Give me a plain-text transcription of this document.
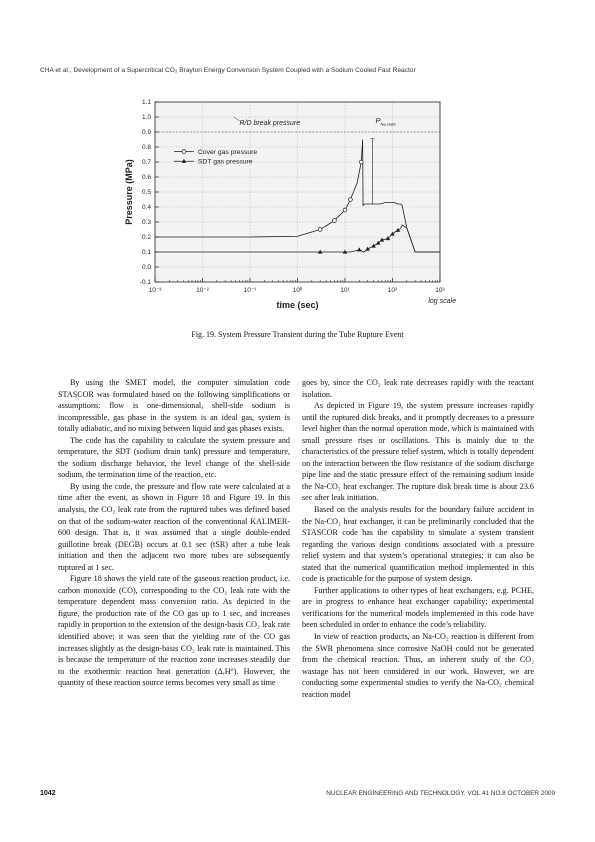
CHA et al., Development of a Supercritical CO₂ Brayton Energy Conversion System Coupled with a Sodium Cooled Fast Reactor
10⁻³	10⁻²	10⁻¹	10⁰	10¹	10²	10³
-0.1
0.0
0.1
0.2
0.3
0.4
0.5
0.6
0.7
0.8
0.9
1.0
1.1
time (sec)
Pressure (MPa)
log scale
R/D break pressure	P Na,static
Cover gas pressure
SDT gas pressure
Fig. 19. System Pressure Transient during the Tube Rupture Event

By using the SMET model, the computer simulation code STASCOR was formulated based on the following simplifications or assumptions: flow is one-dimensional, shell-side sodium is incompressible, gas phase in the system is an ideal gas, system is totally adiabatic, and no mixing between liquid and gas phases exists.

The code has the capability to calculate the system pressure and temperature, the SDT (sodium drain tank) pressure and temperature, the sodium discharge behavior, the level change of the shell-side sodium, the termination time of the reaction, etc.

By using the code, the pressure and flow rate were calculated at a time after the event, as shown in Figure 18 and Figure 19. In this analysis, the CO₂ leak rate from the ruptured tubes was defined based on that of the sodium-water reaction of the conventional KALIMER-600 design. That is, it was assumed that a single double-ended guillotine break (DEGB) occurs at 0.1 sec (tSR) after a tube leak initiation and then the adjacent two more tubes are subsequently ruptured at 1 sec.

Figure 18 shows the yield rate of the gaseous reaction product, i.e. carbon monoxide (CO), corresponding to the CO₂ leak rate with the temperature dependent mass conversion ratio. As depicted in the figure, the production rate of the CO gas up to 1 sec, and increases rapidly in proportion to the extension of the design-basis CO₂ leak rate identified above; it was seen that the yielding rate of the CO gas increases slightly as the design-basis CO₂ leak rate is maintained. This is because the temperature of the reaction zone increases steadily due to the exothermic reaction heat generation (ΔᵣH°). However, the quantity of these reaction source terms becomes very small as time

goes by, since the CO₂ leak rate decreases rapidly with the reactant isolation.

As depicted in Figure 19, the system pressure increases rapidly until the ruptured disk breaks, and it promptly decreases to a pressure level higher than the normal operation mode, which is maintained with small pressure rises or oscillations. This is mainly due to the characteristics of the pressure relief system, which is totally dependent on the interaction between the flow resistance of the sodium discharge pipe line and the static pressure effect of the remaining sodium inside the Na-CO₂ heat exchanger. The rupture disk break time is about 23.6 sec after leak initiation.

Based on the analysis results for the boundary failure accident in the Na-CO₂ heat exchanger, it can be preliminarily concluded that the STASCOR code has the capability to simulate a system transient regarding the various design conditions associated with a pressure relief system and that system’s operational strategies; it can also be stated that the numerical quantification method implemented in this code is practicable for the purpose of system design.

Further applications to other types of heat exchangers, e.g. PCHE, are in progress to enhance heat exchanger capability; experimental verifications for the numerical models implemented in this code have been scheduled in order to enhance the code’s reliability.

In view of reaction products, an Na-CO₂ reaction is different from the SWR phenomena since corrosive NaOH could not be generated from the chemical reaction. Thus, an inherent study of the CO₂ wastage has not been considered in our work. However, we are conducting some experimental studies to verify the Na-CO₂ chemical reaction model

1042	NUCLEAR ENGINEERING AND TECHNOLOGY, VOL.41 NO.8 OCTOBER 2009
